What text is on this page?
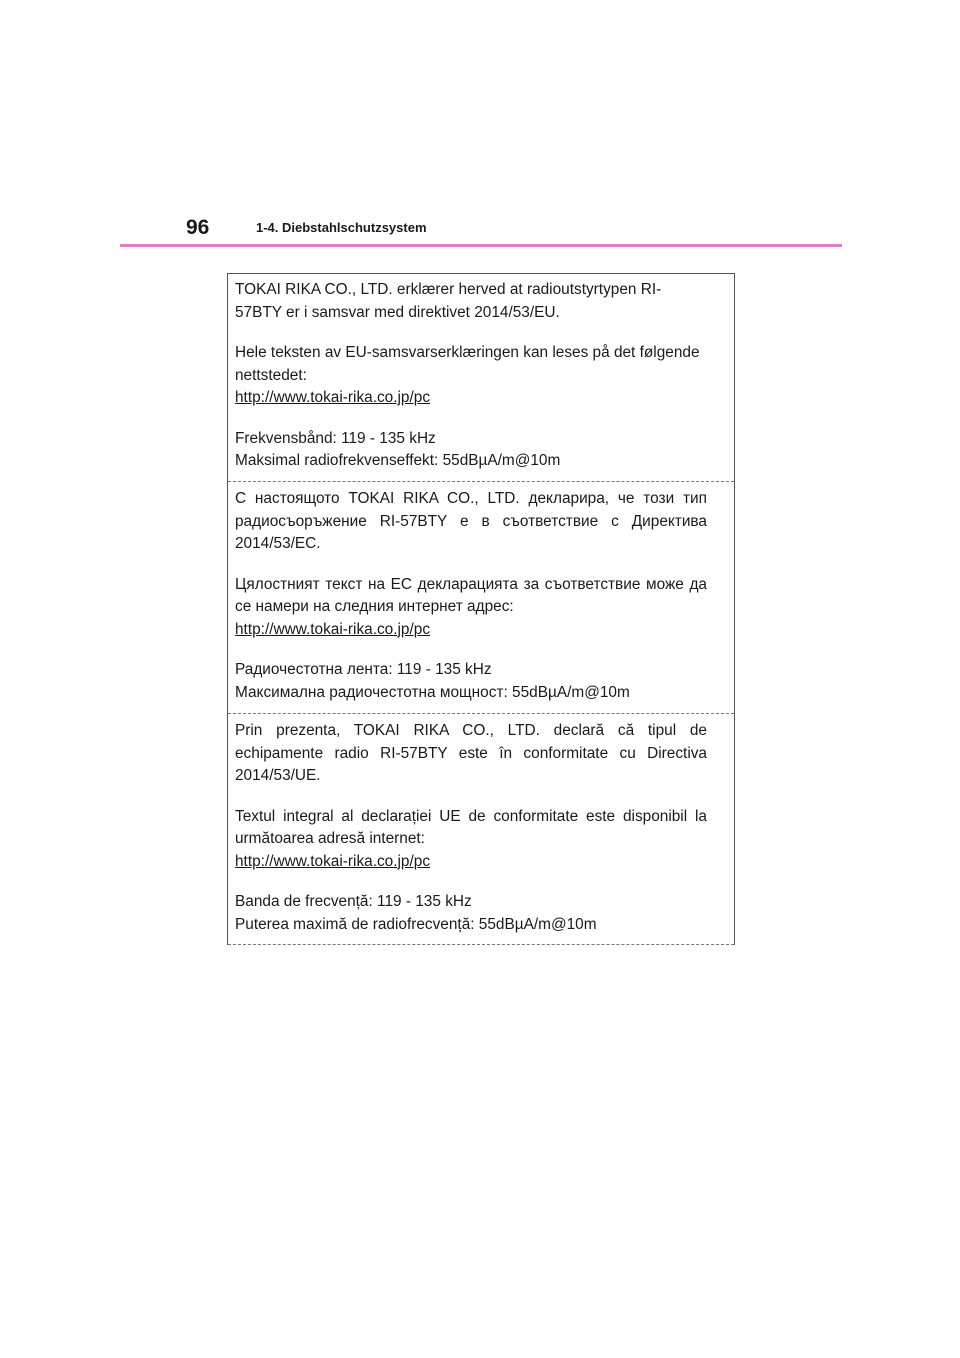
96	1-4. Diebstahlschutzsystem

TOKAI RIKA CO., LTD. erklærer herved at radioutstyrtypen RI-57BTY er i samsvar med direktivet 2014/53/EU.

Hele teksten av EU-samsvarserklæringen kan leses på det følgende nettstedet:
http://www.tokai-rika.co.jp/pc

Frekvensbånd: 119 - 135 kHz
Maksimal radiofrekvenseffekt: 55dBµA/m@10m

С настоящото TOKAI RIKA CO., LTD. декларира, че този тип радиосъоръжение RI-57BTY е в съответствие с Директива 2014/53/ЕС.

Цялостният текст на ЕС декларацията за съответствие може да се намери на следния интернет адрес:
http://www.tokai-rika.co.jp/pc

Радиочестотна лента: 119 - 135 kHz
Максимална радиочестотна мощност: 55dBµA/m@10m

Prin prezenta, TOKAI RIKA CO., LTD. declară că tipul de echipamente radio RI-57BTY este în conformitate cu Directiva 2014/53/UE.

Textul integral al declarației UE de conformitate este disponibil la următoarea adresă internet:
http://www.tokai-rika.co.jp/pc

Banda de frecvență: 119 - 135 kHz
Puterea maximă de radiofrecvență: 55dBµA/m@10m
